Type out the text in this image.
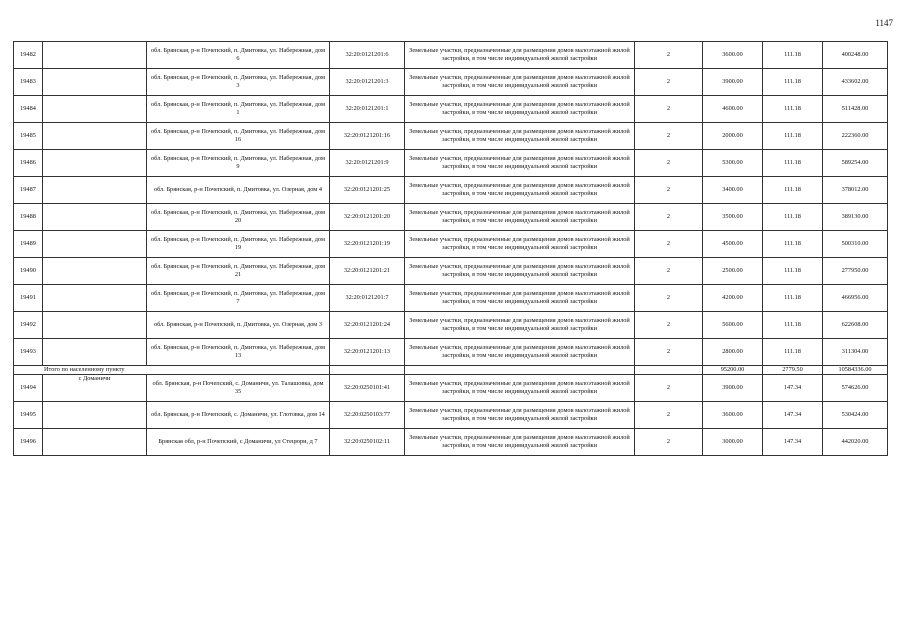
1147
19482		обл. Брянская, р-н Почепский, п. Дмитовка, ул. Набережная, дом 6	32:20:0121201:6	Земельные участки, предназначенные для размещения домов малоэтажной жилой застройки, в том числе индивидуальной жилой застройки	2	3600.00	111.18	400248.00
19483		обл. Брянская, р-н Почепский, п. Дмитовка, ул. Набережная, дом 3	32:20:0121201:3	Земельные участки, предназначенные для размещения домов малоэтажной жилой застройки, в том числе индивидуальной жилой застройки	2	3900.00	111.18	433602.00
19484		обл. Брянская, р-н Почепский, п. Дмитовка, ул. Набережная, дом 1	32:20:0121201:1	Земельные участки, предназначенные для размещения домов малоэтажной жилой застройки, в том числе индивидуальной жилой застройки	2	4600.00	111.18	511428.00
19485		обл. Брянская, р-н Почепский, п. Дмитовка, ул. Набережная, дом 16	32:20:0121201:16	Земельные участки, предназначенные для размещения домов малоэтажной жилой застройки, в том числе индивидуальной жилой застройки	2	2000.00	111.18	222360.00
19486		обл. Брянская, р-н Почепский, п. Дмитовка, ул. Набережная, дом 9	32:20:0121201:9	Земельные участки, предназначенные для размещения домов малоэтажной жилой застройки, в том числе индивидуальной жилой застройки	2	5300.00	111.18	589254.00
19487		обл. Брянская, р-н Почепский, п. Дмитовка, ул. Озерная, дом 4	32:20:0121201:25	Земельные участки, предназначенные для размещения домов малоэтажной жилой застройки, в том числе индивидуальной жилой застройки	2	3400.00	111.18	378012.00
19488		обл. Брянская, р-н Почепский, п. Дмитовка, ул. Набережная, дом 20	32:20:0121201:20	Земельные участки, предназначенные для размещения домов малоэтажной жилой застройки, в том числе индивидуальной жилой застройки	2	3500.00	111.18	389130.00
19489		обл. Брянская, р-н Почепский, п. Дмитовка, ул. Набережная, дом 19	32:20:0121201:19	Земельные участки, предназначенные для размещения домов малоэтажной жилой застройки, в том числе индивидуальной жилой застройки	2	4500.00	111.18	500310.00
19490		обл. Брянская, р-н Почепский, п. Дмитовка, ул. Набережная, дом 21	32:20:0121201:21	Земельные участки, предназначенные для размещения домов малоэтажной жилой застройки, в том числе индивидуальной жилой застройки	2	2500.00	111.18	277950.00
19491		обл. Брянская, р-н Почепский, п. Дмитовка, ул. Набережная, дом 7	32:20:0121201:7	Земельные участки, предназначенные для размещения домов малоэтажной жилой застройки, в том числе индивидуальной жилой застройки	2	4200.00	111.18	466956.00
19492		обл. Брянская, р-н Почепский, п. Дмитовка, ул. Озерная, дом 3	32:20:0121201:24	Земельные участки, предназначенные для размещения домов малоэтажной жилой застройки, в том числе индивидуальной жилой застройки	2	5600.00	111.18	622608.00
19493		обл. Брянская, р-н Почепский, п. Дмитовка, ул. Набережная, дом 13	32:20:0121201:13	Земельные участки, предназначенные для размещения домов малоэтажной жилой застройки, в том числе индивидуальной жилой застройки	2	2800.00	111.18	311304.00
Итого по населенному пункту						95200.00	2779.50	10584336.00
19494	с Доманичи	обл. Брянская, р-н Почепский, с. Доманичи, ул. Талашовка, дом 35	32:20:0250101:41	Земельные участки, предназначенные для размещения домов малоэтажной жилой застройки, в том числе индивидуальной жилой застройки	2	3900.00	147.34	574626.00
19495		обл. Брянская, р-н Почепский, с. Доманичи, ул. Глотовка, дом 14	32:20:0250103:77	Земельные участки, предназначенные для размещения домов малоэтажной жилой застройки, в том числе индивидуальной жилой застройки	2	3600.00	147.34	530424.00
19496		Брянская обл, р-н Почепский, с Доманичи, ул Стецюри, д 7	32:20:0250102:11	Земельные участки, предназначенные для размещения домов малоэтажной жилой застройки, в том числе индивидуальной жилой застройки	2	3000.00	147.34	442020.00
